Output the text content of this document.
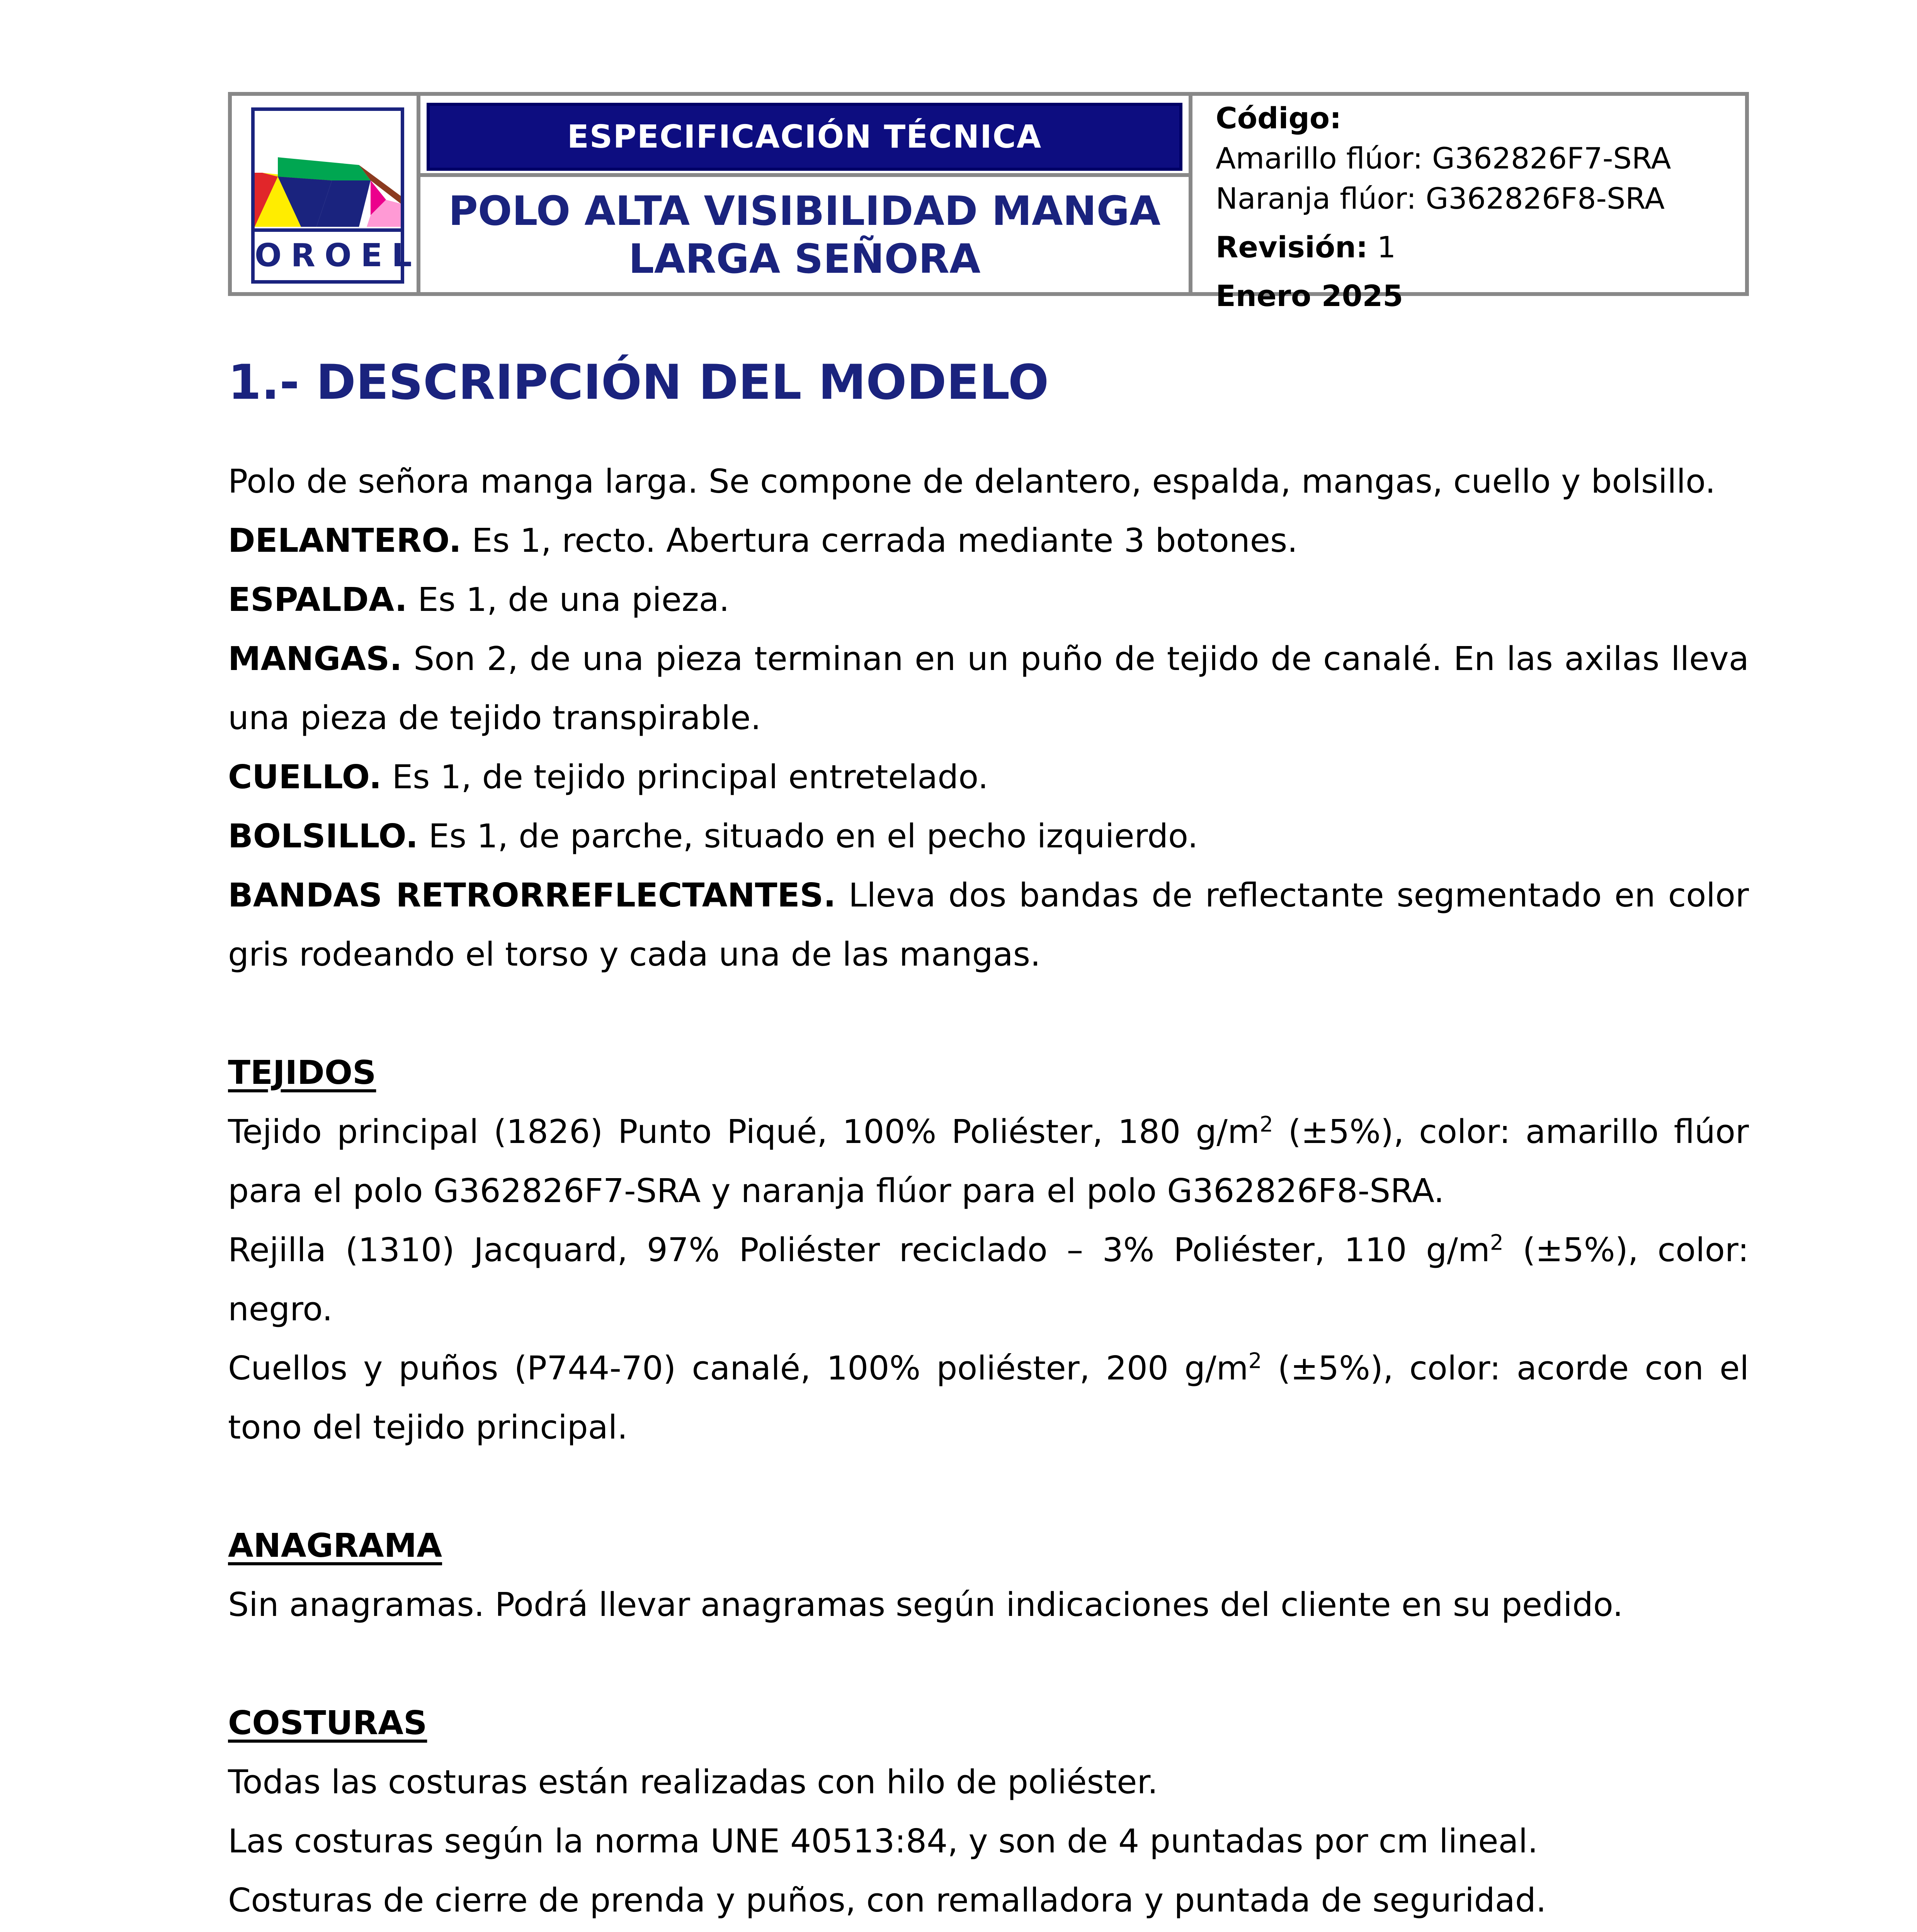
OROEL
ESPECIFICACIÓN TÉCNICA
POLO ALTA VISIBILIDAD MANGA
LARGA SEÑORA
Código:
Amarillo flúor: G362826F7-SRA
Naranja flúor: G362826F8-SRA
Revisión: 1
Enero 2025
1.- DESCRIPCIÓN DEL MODELO

Polo de señora manga larga. Se compone de delantero, espalda, mangas, cuello y bolsillo.

DELANTERO. Es 1, recto. Abertura cerrada mediante 3 botones.

ESPALDA. Es 1, de una pieza.

MANGAS. Son 2, de una pieza terminan en un puño de tejido de canalé. En las axilas lleva una pieza de tejido transpirable.

CUELLO. Es 1, de tejido principal entretelado.

BOLSILLO. Es 1, de parche, situado en el pecho izquierdo.

BANDAS RETRORREFLECTANTES. Lleva dos bandas de reflectante segmentado en color gris rodeando el torso y cada una de las mangas.

TEJIDOS

Tejido principal (1826) Punto Piqué, 100% Poliéster, 180 $g/m^2$ (±5%), color: amarillo flúor para el polo G362826F7-SRA y naranja flúor para el polo G362826F8-SRA.

Rejilla (1310) Jacquard, 97% Poliéster reciclado – 3% Poliéster, 110 $g/m^2$ (±5%), color: negro.

Cuellos y puños (P744-70) canalé, 100% poliéster, 200 $g/m^2$ (±5%), color: acorde con el tono del tejido principal.

ANAGRAMA

Sin anagramas. Podrá llevar anagramas según indicaciones del cliente en su pedido.

COSTURAS

Todas las costuras están realizadas con hilo de poliéster.

Las costuras según la norma UNE 40513:84, y son de 4 puntadas por cm lineal.

Costuras de cierre de prenda y puños, con remalladora y puntada de seguridad.
